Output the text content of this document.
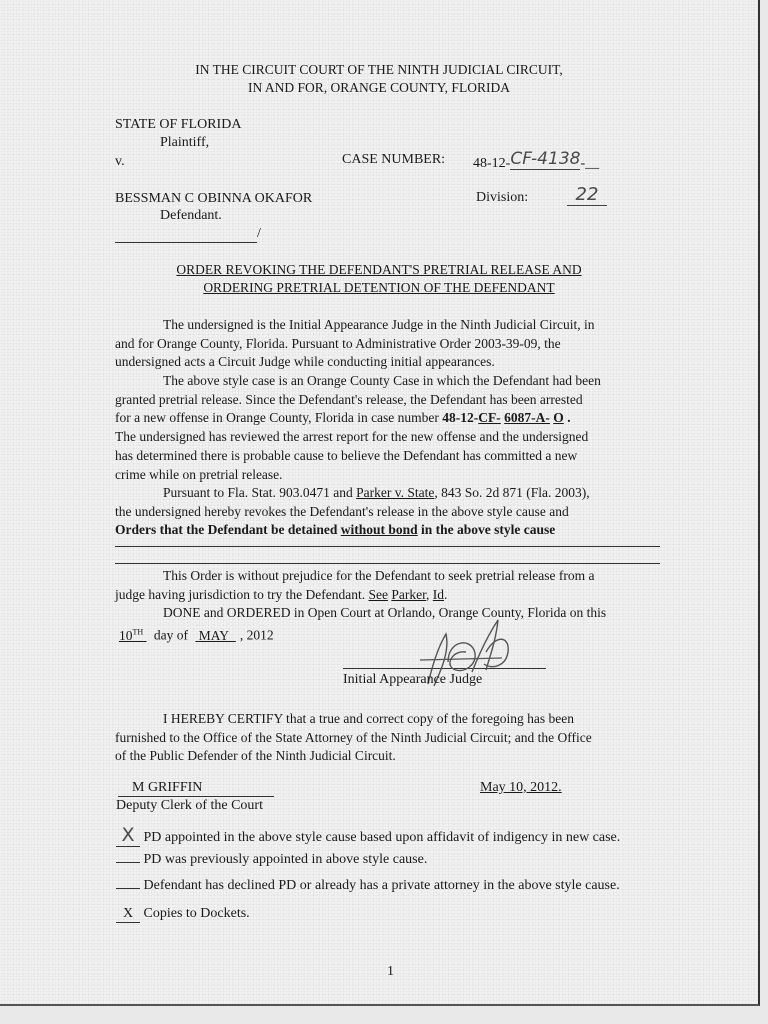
IN THE CIRCUIT COURT OF THE NINTH JUDICIAL CIRCUIT,
IN AND FOR, ORANGE COUNTY, FLORIDA
STATE OF FLORIDA
Plaintiff,
v.	CASE NUMBER: 48-12-CF-4138-__
Division:	22
BESSMAN C OBINNA OKAFOR
Defendant.
/
ORDER REVOKING THE DEFENDANT'S PRETRIAL RELEASE AND
ORDERING PRETRIAL DETENTION OF THE DEFENDANT
The undersigned is the Initial Appearance Judge in the Ninth Judicial Circuit, in
and for Orange County, Florida. Pursuant to Administrative Order 2003-39-09, the
undersigned acts a Circuit Judge while conducting initial appearances.
The above style case is an Orange County Case in which the Defendant had been
granted pretrial release. Since the Defendant's release, the Defendant has been arrested
for a new offense in Orange County, Florida in case number 48-12-CF- 6087-A- O .
The undersigned has reviewed the arrest report for the new offense and the undersigned
has determined there is probable cause to believe the Defendant has committed a new
crime while on pretrial release.
Pursuant to Fla. Stat. 903.0471 and Parker v. State, 843 So. 2d 871 (Fla. 2003),
the undersigned hereby revokes the Defendant's release in the above style cause and
Orders that the Defendant be detained without bond in the above style cause
This Order is without prejudice for the Defendant to seek pretrial release from a
judge having jurisdiction to try the Defendant. See Parker, Id.
DONE and ORDERED in Open Court at Orlando, Orange County, Florida on this
10TH day of MAY , 2012
Initial Appearance Judge
I HEREBY CERTIFY that a true and correct copy of the foregoing has been
furnished to the Office of the State Attorney of the Ninth Judicial Circuit; and the Office
of the Public Defender of the Ninth Judicial Circuit.
M GRIFFIN	May 10, 2012.
Deputy Clerk of the Court
X PD appointed in the above style cause based upon affidavit of indigency in new case.
PD was previously appointed in above style cause.
Defendant has declined PD or already has a private attorney in the above style cause.
X Copies to Dockets.
1
